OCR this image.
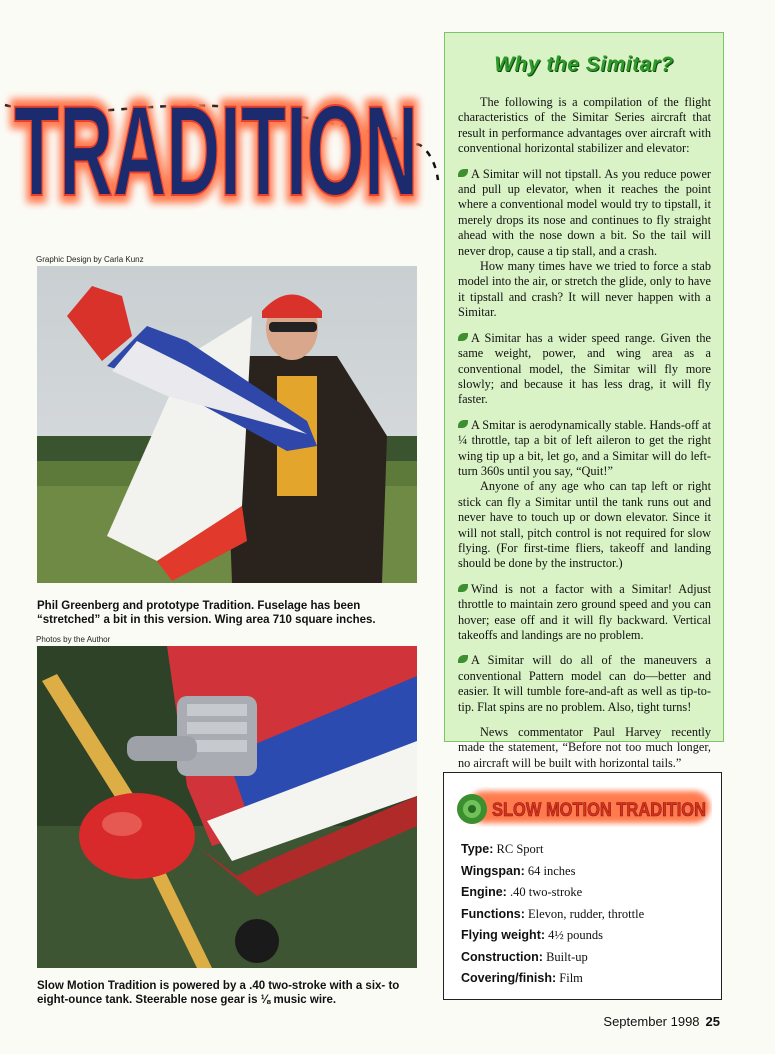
TRADITION
TRADITION
Graphic Design by Carla Kunz
Phil Greenberg and prototype Tradition. Fuselage has been “stretched” a bit in this version. Wing area 710 square inches.
Photos by the Author
Slow Motion Tradition is powered by a .40 two-stroke with a six- to eight-ounce tank. Steerable nose gear is ⅛ music wire.
Why the Simitar?

The following is a compilation of the flight characteristics of the Simitar Series aircraft that result in performance advantages over aircraft with conventional horizontal stabilizer and elevator:

A Simitar will not tipstall. As you reduce power and pull up elevator, when it reaches the point where a conventional model would try to tipstall, it merely drops its nose and continues to fly straight ahead with the nose down a bit. So the tail will never drop, cause a tip stall, and a crash.

How many times have we tried to force a stab model into the air, or stretch the glide, only to have it tipstall and crash? It will never happen with a Simitar.

A Simitar has a wider speed range. Given the same weight, power, and wing area as a conventional model, the Simitar will fly more slowly; and because it has less drag, it will fly faster.

A Smitar is aerodynamically stable. Hands-off at ¼ throttle, tap a bit of left aileron to get the right wing tip up a bit, let go, and a Simitar will do left-turn 360s until you say, “Quit!”

Anyone of any age who can tap left or right stick can fly a Simitar until the tank runs out and never have to touch up or down elevator. Since it will not stall, pitch control is not required for slow flying. (For first-time fliers, takeoff and landing should be done by the instructor.)

Wind is not a factor with a Simitar! Adjust throttle to maintain zero ground speed and you can hover; ease off and it will fly backward. Vertical takeoffs and landings are no problem.

A Simitar will do all of the maneuvers a conventional Pattern model can do—better and easier. It will tumble fore-and-aft as well as tip-to-tip. Flat spins are no problem. Also, tight turns!

News commentator Paul Harvey recently made the statement, “Before not too much longer, no aircraft will be built with horizontal tails.”

SLOW MOTION TRADITION
Type: RC Sport
Wingspan: 64 inches
Engine: .40 two-stroke
Functions: Elevon, rudder, throttle
Flying weight: 4½ pounds
Construction: Built-up
Covering/finish: Film
September 1998 25
